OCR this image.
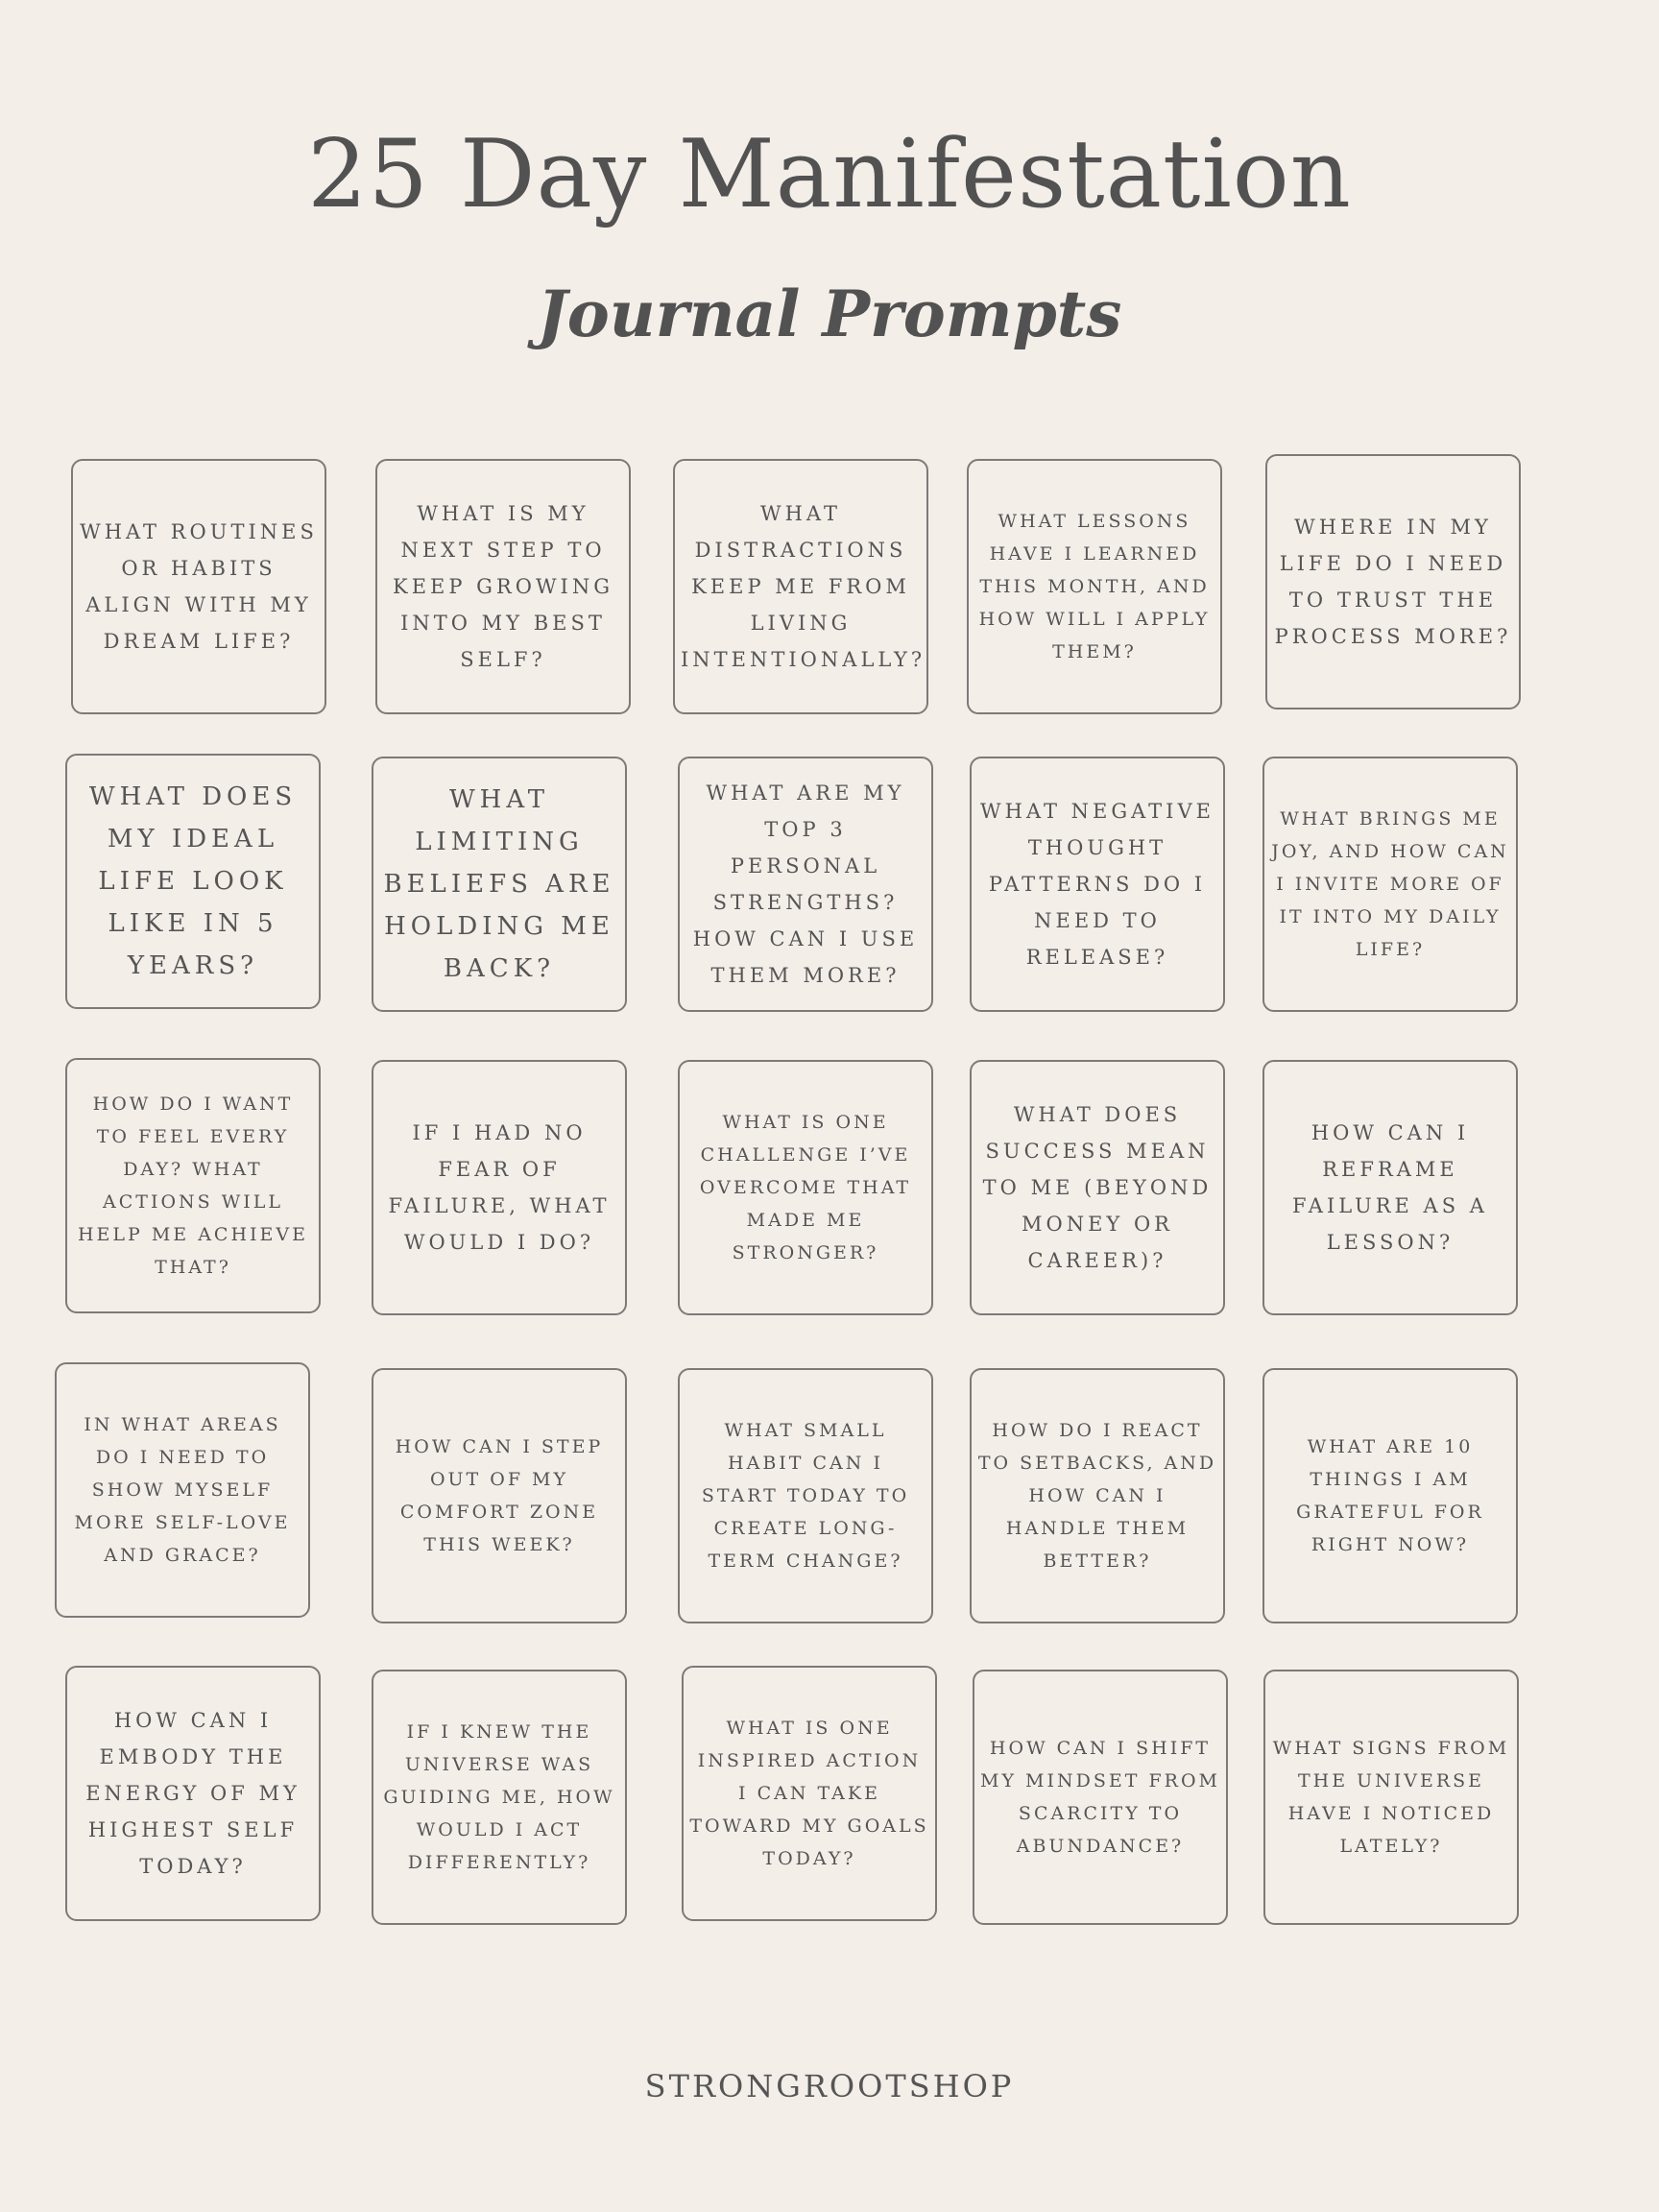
25 Day Manifestation
Journal Prompts
WHAT ROUTINES OR HABITS ALIGN WITH MY DREAM LIFE?
WHAT IS MY NEXT STEP TO KEEP GROWING INTO MY BEST SELF?
WHAT DISTRACTIONS KEEP ME FROM LIVING INTENTIONALLY?
WHAT LESSONS HAVE I LEARNED THIS MONTH, AND HOW WILL I APPLY THEM?
WHERE IN MY LIFE DO I NEED TO TRUST THE PROCESS MORE?
WHAT DOES MY IDEAL LIFE LOOK LIKE IN 5 YEARS?
WHAT LIMITING BELIEFS ARE HOLDING ME BACK?
WHAT ARE MY TOP 3 PERSONAL STRENGTHS? HOW CAN I USE THEM MORE?
WHAT NEGATIVE THOUGHT PATTERNS DO I NEED TO RELEASE?
WHAT BRINGS ME JOY, AND HOW CAN I INVITE MORE OF IT INTO MY DAILY LIFE?
HOW DO I WANT TO FEEL EVERY DAY? WHAT ACTIONS WILL HELP ME ACHIEVE THAT?
IF I HAD NO FEAR OF FAILURE, WHAT WOULD I DO?
WHAT IS ONE CHALLENGE I’VE OVERCOME THAT MADE ME STRONGER?
WHAT DOES SUCCESS MEAN TO ME (BEYOND MONEY OR CAREER)?
HOW CAN I REFRAME FAILURE AS A LESSON?
IN WHAT AREAS DO I NEED TO SHOW MYSELF MORE SELF-LOVE AND GRACE?
HOW CAN I STEP OUT OF MY COMFORT ZONE THIS WEEK?
WHAT SMALL HABIT CAN I START TODAY TO CREATE LONG-TERM CHANGE?
HOW DO I REACT TO SETBACKS, AND HOW CAN I HANDLE THEM BETTER?
WHAT ARE 10 THINGS I AM GRATEFUL FOR RIGHT NOW?
HOW CAN I EMBODY THE ENERGY OF MY HIGHEST SELF TODAY?
IF I KNEW THE UNIVERSE WAS GUIDING ME, HOW WOULD I ACT DIFFERENTLY?
WHAT IS ONE INSPIRED ACTION I CAN TAKE TOWARD MY GOALS TODAY?
HOW CAN I SHIFT MY MINDSET FROM SCARCITY TO ABUNDANCE?
WHAT SIGNS FROM THE UNIVERSE HAVE I NOTICED LATELY?
STRONGROOTSHOP
